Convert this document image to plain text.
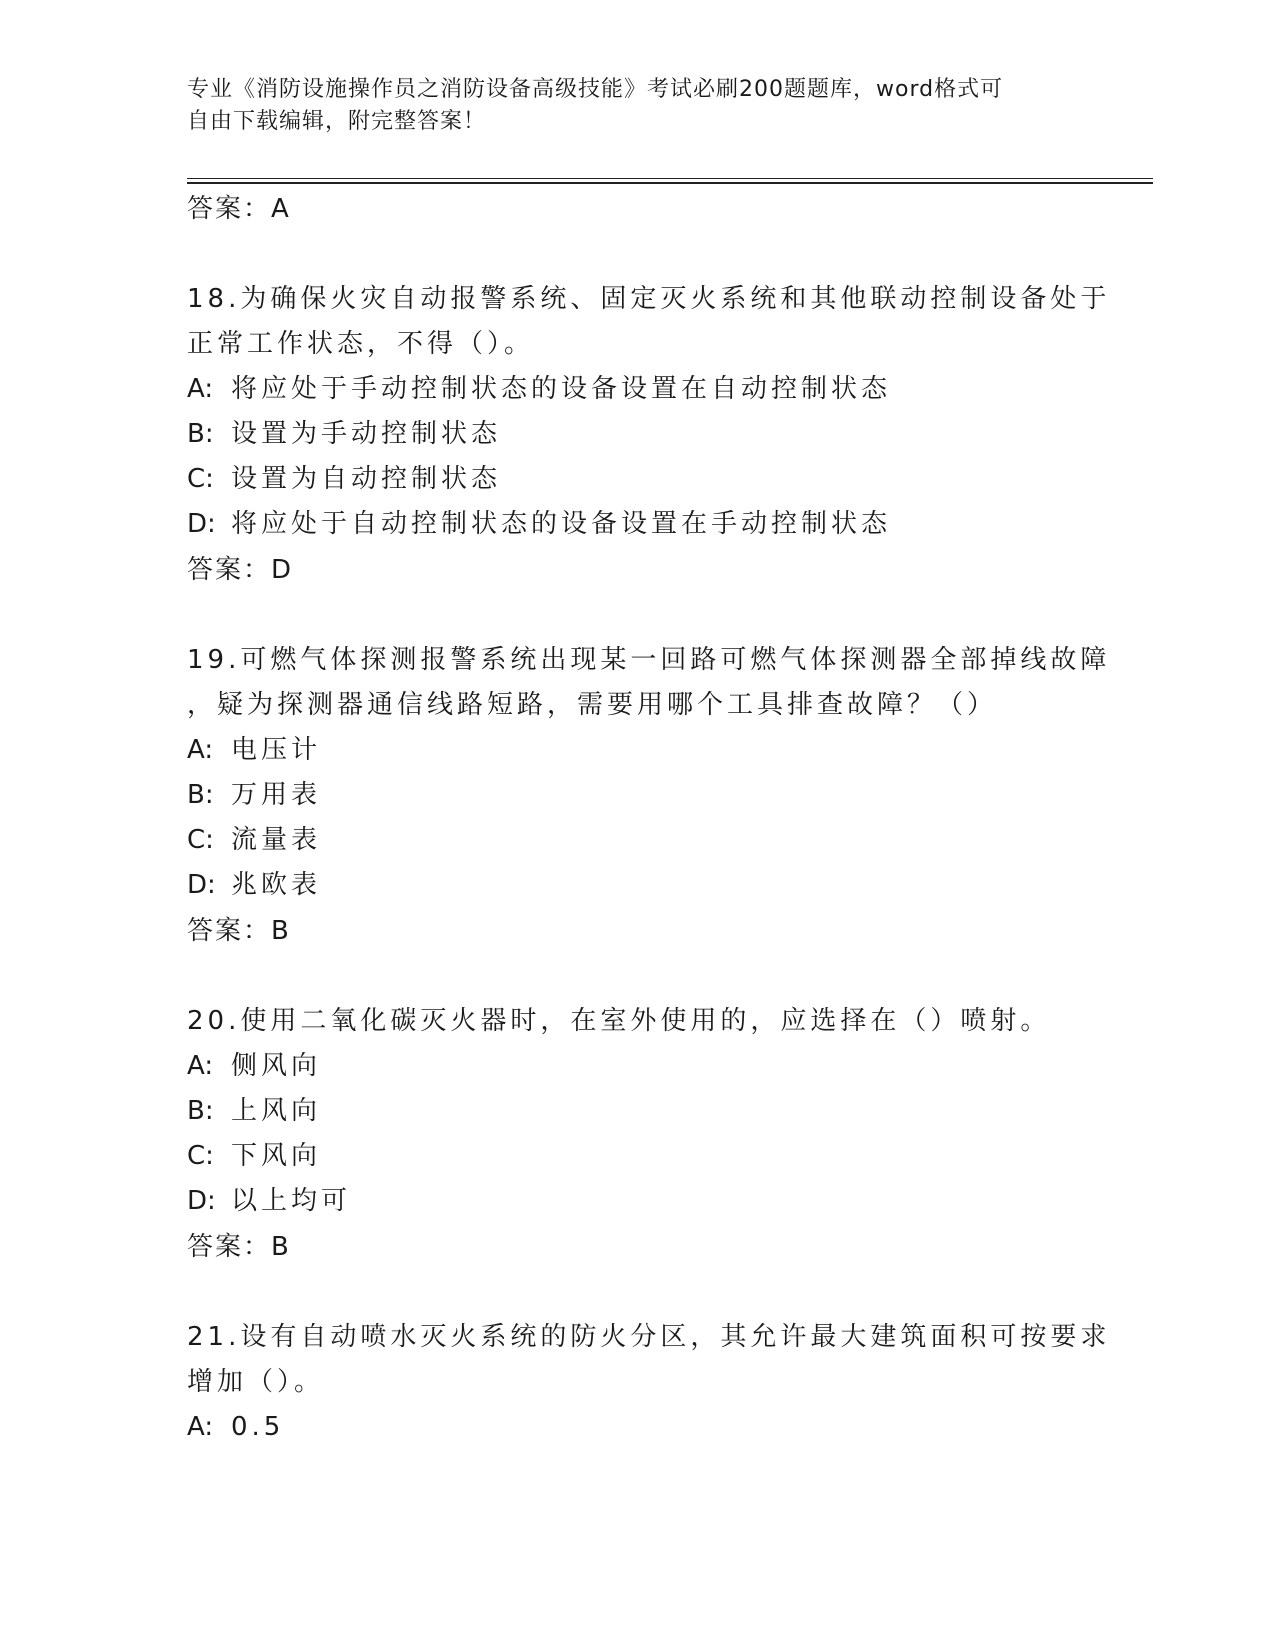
专业《消防设施操作员之消防设备高级技能》考试必刷200题题库，word格式可
自由下载编辑，附完整答案！
答案：A
18.为确保火灾自动报警系统、固定灭火系统和其他联动控制设备处于
正常工作状态，不得（）。
A: 将应处于手动控制状态的设备设置在自动控制状态
B: 设置为手动控制状态
C: 设置为自动控制状态
D: 将应处于自动控制状态的设备设置在手动控制状态
答案：D
19.可燃气体探测报警系统出现某一回路可燃气体探测器全部掉线故障
，疑为探测器通信线路短路，需要用哪个工具排查故障？（）
A: 电压计
B: 万用表
C: 流量表
D: 兆欧表
答案：B
20.使用二氧化碳灭火器时，在室外使用的，应选择在（）喷射。
A: 侧风向
B: 上风向
C: 下风向
D: 以上均可
答案：B
21.设有自动喷水灭火系统的防火分区，其允许最大建筑面积可按要求
增加（）。
A: 0.5
